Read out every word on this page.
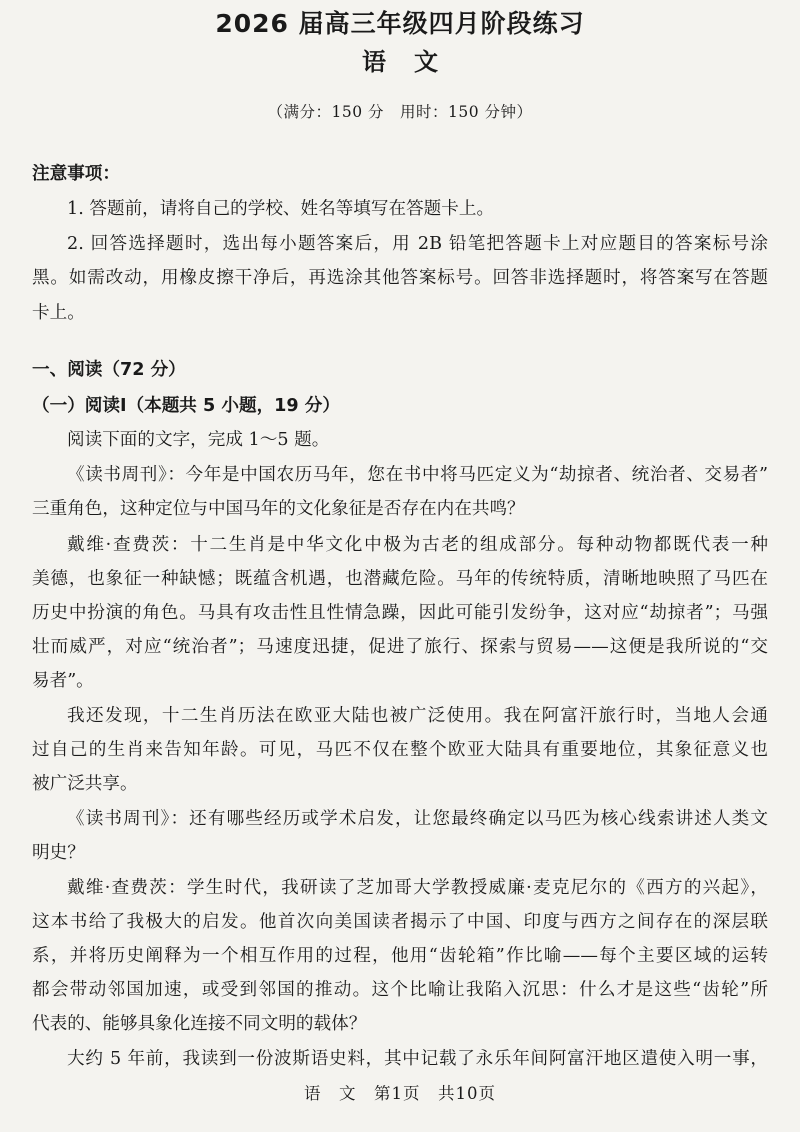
2026 届高三年级四月阶段练习
语文
（满分：150 分　用时：150 分钟）
注意事项：
1. 答题前，请将自己的学校、姓名等填写在答题卡上。
2. 回答选择题时，选出每小题答案后，用 2B 铅笔把答题卡上对应题目的答案标号涂
黑。如需改动，用橡皮擦干净后，再选涂其他答案标号。回答非选择题时，将答案写在答题
卡上。
一、阅读（72 分）
（一）阅读Ⅰ（本题共 5 小题，19 分）
阅读下面的文字，完成 1～5 题。
《读书周刊》：今年是中国农历马年，您在书中将马匹定义为“劫掠者、统治者、交易者”
三重角色，这种定位与中国马年的文化象征是否存在内在共鸣？
戴维·查费茨：十二生肖是中华文化中极为古老的组成部分。每种动物都既代表一种
美德，也象征一种缺憾；既蕴含机遇，也潜藏危险。马年的传统特质，清晰地映照了马匹在
历史中扮演的角色。马具有攻击性且性情急躁，因此可能引发纷争，这对应“劫掠者”；马强
壮而威严，对应“统治者”；马速度迅捷，促进了旅行、探索与贸易——这便是我所说的“交
易者”。
我还发现，十二生肖历法在欧亚大陆也被广泛使用。我在阿富汗旅行时，当地人会通
过自己的生肖来告知年龄。可见，马匹不仅在整个欧亚大陆具有重要地位，其象征意义也
被广泛共享。
《读书周刊》：还有哪些经历或学术启发，让您最终确定以马匹为核心线索讲述人类文
明史？
戴维·查费茨：学生时代，我研读了芝加哥大学教授威廉·麦克尼尔的《西方的兴起》，
这本书给了我极大的启发。他首次向美国读者揭示了中国、印度与西方之间存在的深层联
系，并将历史阐释为一个相互作用的过程，他用“齿轮箱”作比喻——每个主要区域的运转
都会带动邻国加速，或受到邻国的推动。这个比喻让我陷入沉思：什么才是这些“齿轮”所
代表的、能够具象化连接不同文明的载体？
大约 5 年前，我读到一份波斯语史料，其中记载了永乐年间阿富汗地区遣使入明一事，
语　文　第1页　共10页
